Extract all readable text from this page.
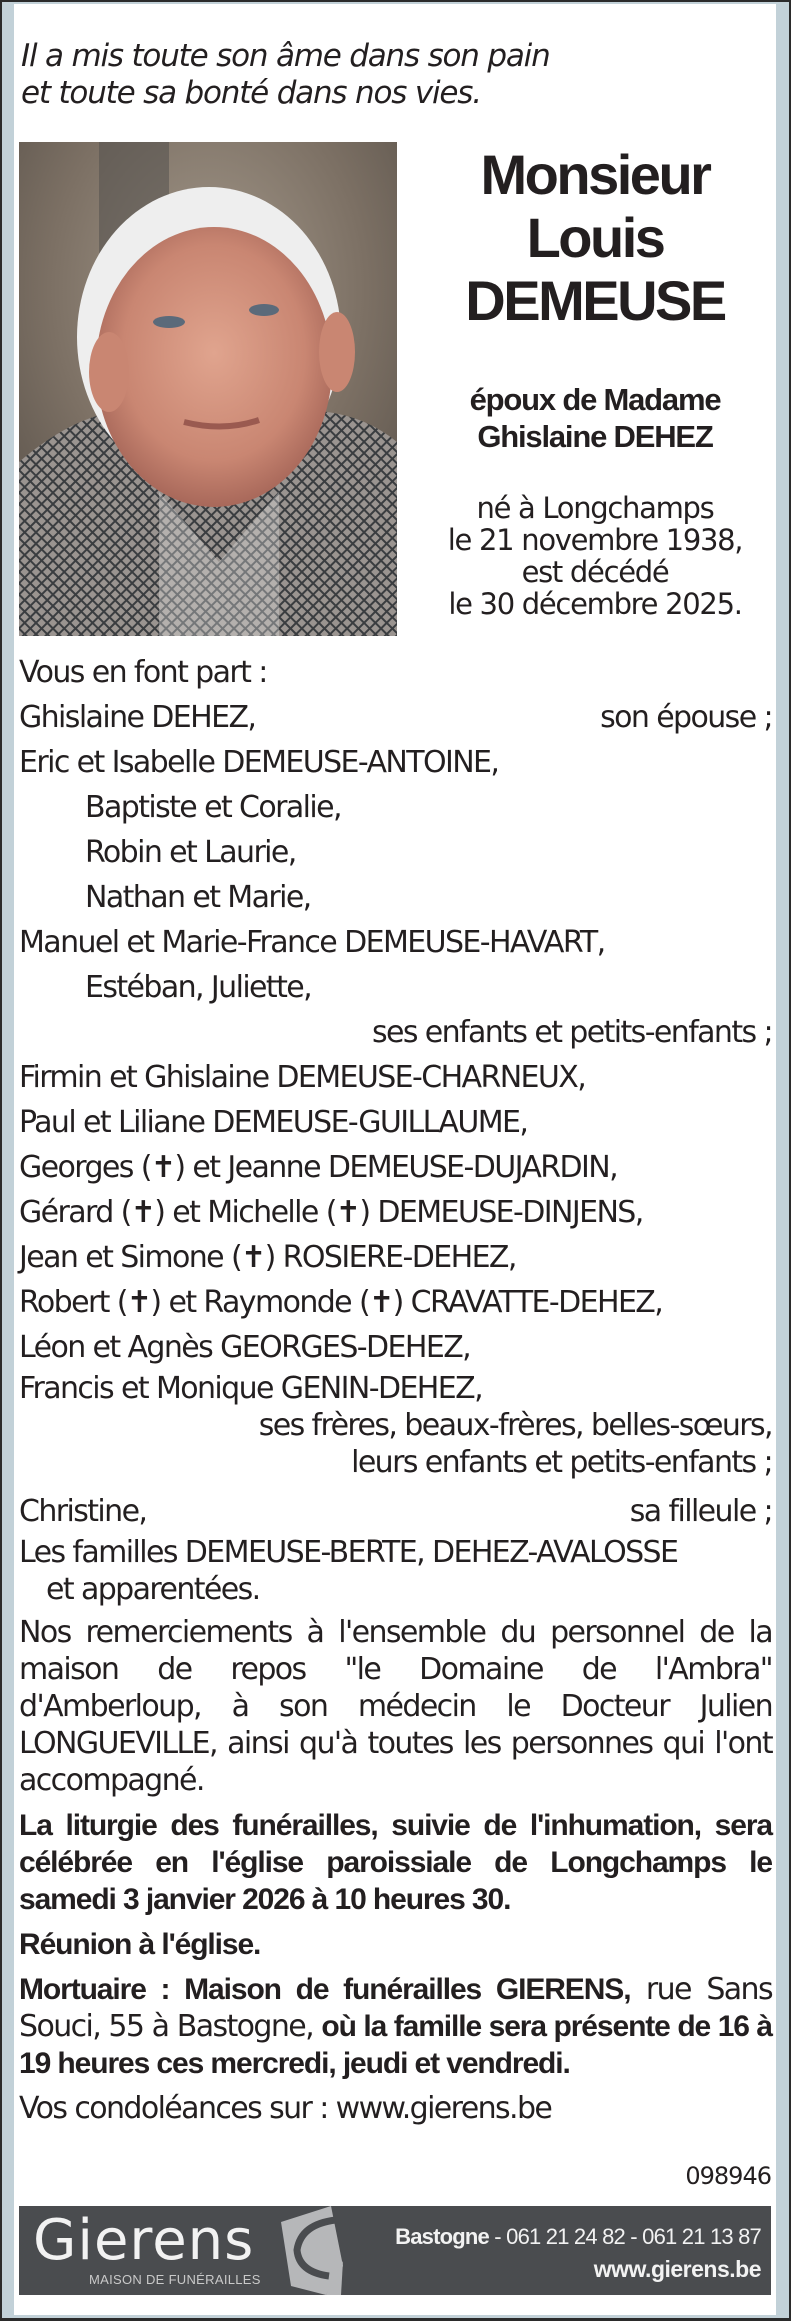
Il a mis toute son âme dans son pain
et toute sa bonté dans nos vies.
Monsieur
Louis
DEMEUSE
époux de Madame
Ghislaine DEHEZ
né à Longchamps
le 21 novembre 1938,
est décédé
le 30 décembre 2025.
Vous en font part :
Ghislaine DEHEZ,	son épouse ;
Eric et Isabelle DEMEUSE-ANTOINE,
Baptiste et Coralie,
Robin et Laurie,
Nathan et Marie,
Manuel et Marie-France DEMEUSE-HAVART,
Estéban, Juliette,
ses enfants et petits-enfants ;
Firmin et Ghislaine DEMEUSE-CHARNEUX,
Paul et Liliane DEMEUSE-GUILLAUME,
Georges (✝) et Jeanne DEMEUSE-DUJARDIN,
Gérard (✝) et Michelle (✝) DEMEUSE-DINJENS,
Jean et Simone (✝) ROSIERE-DEHEZ,
Robert (✝) et Raymonde (✝) CRAVATTE-DEHEZ,
Léon et Agnès GEORGES-DEHEZ,
Francis et Monique GENIN-DEHEZ,
ses frères, beaux-frères, belles-sœurs,
leurs enfants et petits-enfants ;
Christine,	sa filleule ;
Les familles DEMEUSE-BERTE, DEHEZ-AVALOSSE
et apparentées.
Nos remerciements à l'ensemble du personnel de la maison de repos "le Domaine de l'Ambra" d'Amberloup, à son médecin le Docteur Julien LONGUEVILLE, ainsi qu'à toutes les personnes qui l'ont accompagné.
La liturgie des funérailles, suivie de l'inhumation, sera célébrée en l'église paroissiale de Longchamps le samedi 3 janvier 2026 à 10 heures 30.
Réunion à l'église.
Mortuaire : Maison de funérailles GIERENS, rue Sans Souci, 55 à Bastogne, où la famille sera présente de 16 à 19 heures ces mercredi, jeudi et vendredi.
Vos condoléances sur : www.gierens.be
098946
Gierens
MAISON DE FUNÉRAILLES
Bastogne - 061 21 24 82 - 061 21 13 87
www.gierens.be
